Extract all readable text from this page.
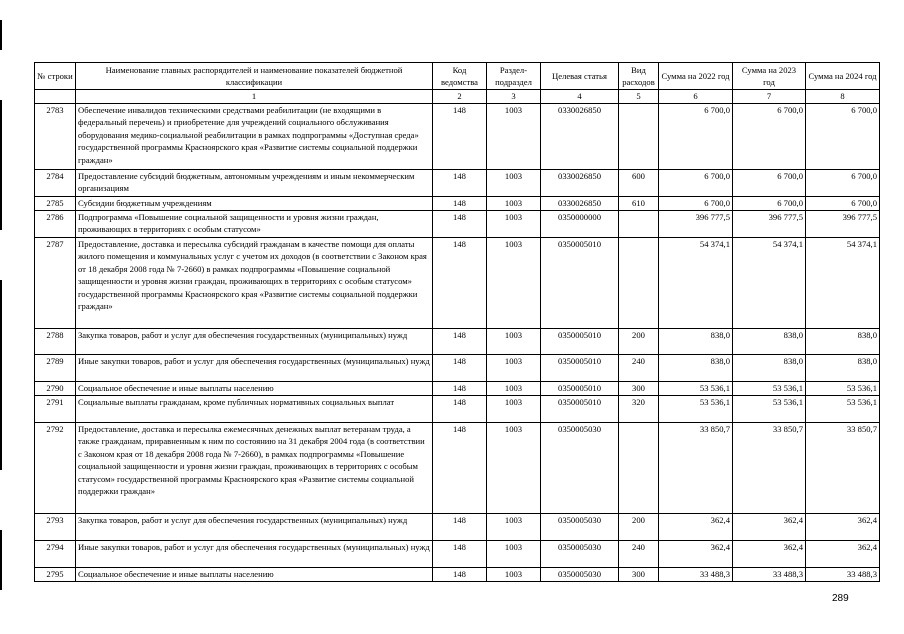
№ строки	Наименование главных распорядителей и наименование показателей бюджетной классификации	Код ведомства	Раздел-подраздел	Целевая статья	Вид расходов	Сумма на 2022 год	Сумма на 2023 год	Сумма на 2024 год
	1	2	3	4	5	6	7	8
2783	Обеспечение инвалидов техническими средствами реабилитации (не входящими в федеральный перечень) и приобретение для учреждений социального обслуживания оборудования медико-социальной реабилитации в рамках подпрограммы «Доступная среда» государственной программы Красноярского края «Развитие системы социальной поддержки граждан»	148	1003	0330026850		6 700,0	6 700,0	6 700,0
2784	Предоставление субсидий бюджетным, автономным учреждениям и иным некоммерческим организациям	148	1003	0330026850	600	6 700,0	6 700,0	6 700,0
2785	Субсидии бюджетным учреждениям	148	1003	0330026850	610	6 700,0	6 700,0	6 700,0
2786	Подпрограмма «Повышение социальной защищенности и уровня жизни граждан, проживающих в территориях с особым статусом»	148	1003	0350000000		396 777,5	396 777,5	396 777,5
2787	Предоставление, доставка и пересылка субсидий гражданам в качестве помощи для оплаты жилого помещения и коммунальных услуг с учетом их доходов (в соответствии с Законом края от 18 декабря 2008 года № 7-2660) в рамках подпрограммы «Повышение социальной защищенности и уровня жизни граждан, проживающих в территориях с особым статусом» государственной программы Красноярского края «Развитие системы социальной поддержки граждан»	148	1003	0350005010		54 374,1	54 374,1	54 374,1
2788	Закупка товаров, работ и услуг для обеспечения государственных (муниципальных) нужд	148	1003	0350005010	200	838,0	838,0	838,0
2789	Иные закупки товаров, работ и услуг для обеспечения государственных (муниципальных) нужд	148	1003	0350005010	240	838,0	838,0	838,0
2790	Социальное обеспечение и иные выплаты населению	148	1003	0350005010	300	53 536,1	53 536,1	53 536,1
2791	Социальные выплаты гражданам, кроме публичных нормативных социальных выплат	148	1003	0350005010	320	53 536,1	53 536,1	53 536,1
2792	Предоставление, доставка и пересылка ежемесячных денежных выплат ветеранам труда, а также гражданам, приравненным к ним по состоянию на 31 декабря 2004 года (в соответствии с Законом края от 18 декабря 2008 года № 7-2660), в рамках подпрограммы «Повышение социальной защищенности и уровня жизни граждан, проживающих в территориях с особым статусом» государственной программы Красноярского края «Развитие системы социальной поддержки граждан»	148	1003	0350005030		33 850,7	33 850,7	33 850,7
2793	Закупка товаров, работ и услуг для обеспечения государственных (муниципальных) нужд	148	1003	0350005030	200	362,4	362,4	362,4
2794	Иные закупки товаров, работ и услуг для обеспечения государственных (муниципальных) нужд	148	1003	0350005030	240	362,4	362,4	362,4
2795	Социальное обеспечение и иные выплаты населению	148	1003	0350005030	300	33 488,3	33 488,3	33 488,3
289
